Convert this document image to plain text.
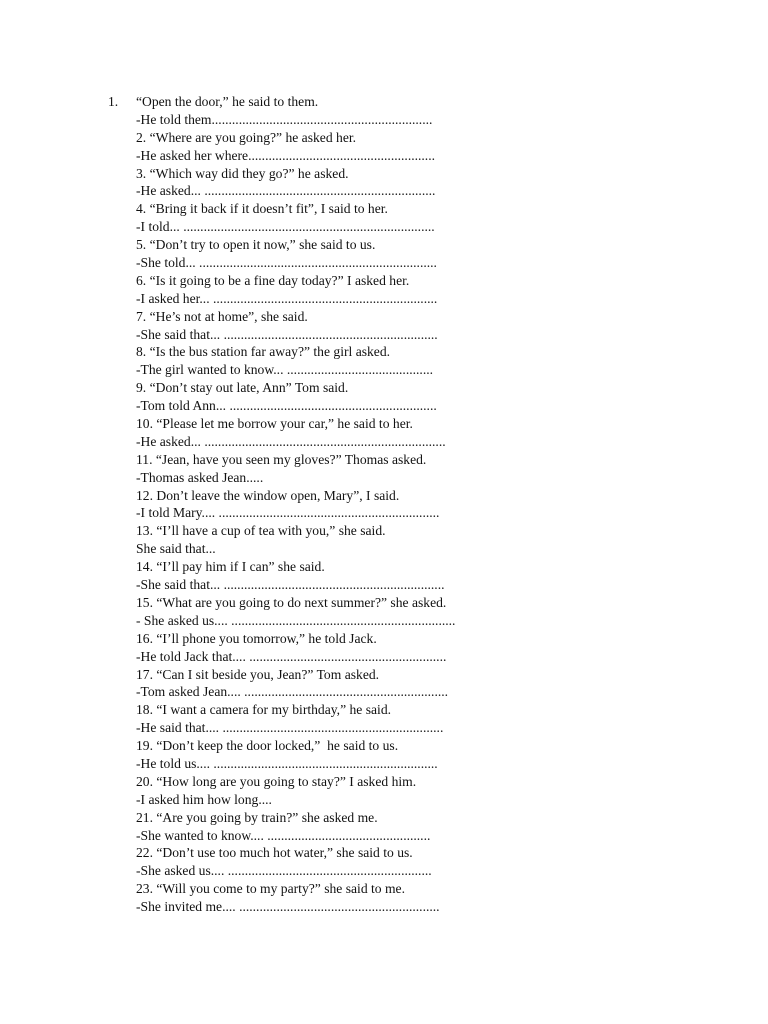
1.

“Open the door,” he said to them.

-He told them.................................................................
2. “Where are you going?” he asked her.
-He asked her where.......................................................
3. “Which way did they go?” he asked.
-He asked... ....................................................................
4. “Bring it back if it doesn’t fit”, I said to her.
-I told... ..........................................................................
5. “Don’t try to open it now,” she said to us.
-She told... ......................................................................
6. “Is it going to be a fine day today?” I asked her.
-I asked her... ..................................................................
7. “He’s not at home”, she said.
-She said that... ...............................................................
8. “Is the bus station far away?” the girl asked.
-The girl wanted to know... ...........................................
9. “Don’t stay out late, Ann” Tom said.
-Tom told Ann... .............................................................
10. “Please let me borrow your car,” he said to her.
-He asked... .......................................................................
11. “Jean, have you seen my gloves?” Thomas asked.
-Thomas asked Jean.....
12. Don’t leave the window open, Mary”, I said.
-I told Mary.... .................................................................
13. “I’ll have a cup of tea with you,” she said.
She said that...
14. “I’ll pay him if I can” she said.
-She said that... .................................................................
15. “What are you going to do next summer?” she asked.
- She asked us.... ..................................................................
16. “I’ll phone you tomorrow,” he told Jack.
-He told Jack that.... ..........................................................
17. “Can I sit beside you, Jean?” Tom asked.
-Tom asked Jean.... ............................................................
18. “I want a camera for my birthday,” he said.
-He said that.... .................................................................
19. “Don’t keep the door locked,”  he said to us.
-He told us.... ..................................................................
20. “How long are you going to stay?” I asked him.
-I asked him how long....
21. “Are you going by train?” she asked me.
-She wanted to know.... ................................................
22. “Don’t use too much hot water,” she said to us.
-She asked us.... ............................................................
23. “Will you come to my party?” she said to me.
-She invited me.... ...........................................................
